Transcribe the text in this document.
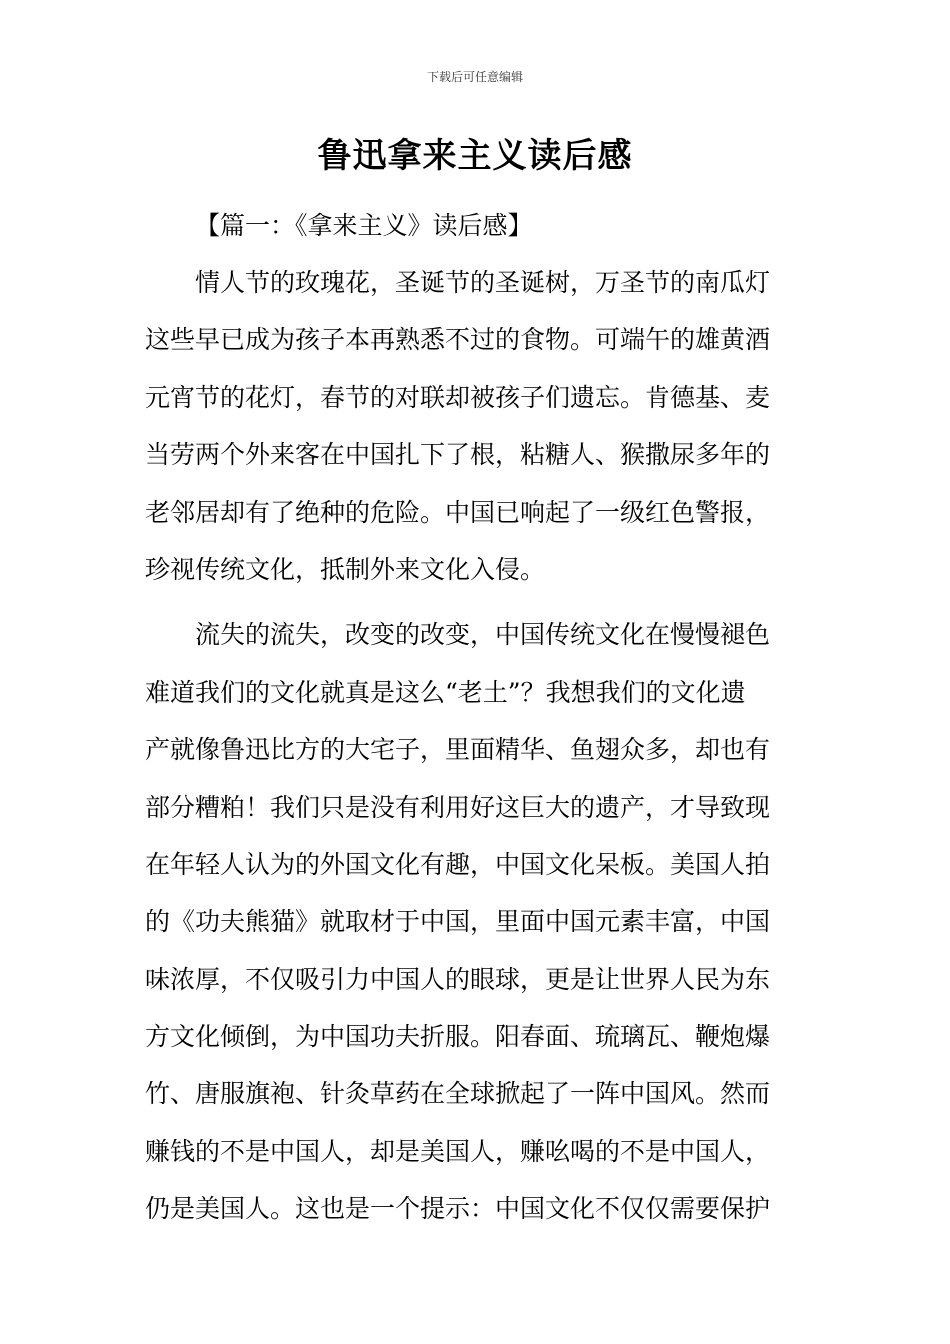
下载后可任意编辑
鲁迅拿来主义读后感
【篇一：《拿来主义》读后感】
情人节的玫瑰花，圣诞节的圣诞树，万圣节的南瓜灯
这些早已成为孩子本再熟悉不过的食物。可端午的雄黄酒
元宵节的花灯，春节的对联却被孩子们遗忘。肯德基、麦
当劳两个外来客在中国扎下了根，粘糖人、猴撒尿多年的
老邻居却有了绝种的危险。中国已响起了一级红色警报，
珍视传统文化，抵制外来文化入侵。
流失的流失，改变的改变，中国传统文化在慢慢褪色
难道我们的文化就真是这么“老土”？我想我们的文化遗
产就像鲁迅比方的大宅子，里面精华、鱼翅众多，却也有
部分糟粕！我们只是没有利用好这巨大的遗产，才导致现
在年轻人认为的外国文化有趣，中国文化呆板。美国人拍
的《功夫熊猫》就取材于中国，里面中国元素丰富，中国
味浓厚，不仅吸引力中国人的眼球，更是让世界人民为东
方文化倾倒，为中国功夫折服。阳春面、琉璃瓦、鞭炮爆
竹、唐服旗袍、针灸草药在全球掀起了一阵中国风。然而
赚钱的不是中国人，却是美国人，赚吆喝的不是中国人，
仍是美国人。这也是一个提示：中国文化不仅仅需要保护
